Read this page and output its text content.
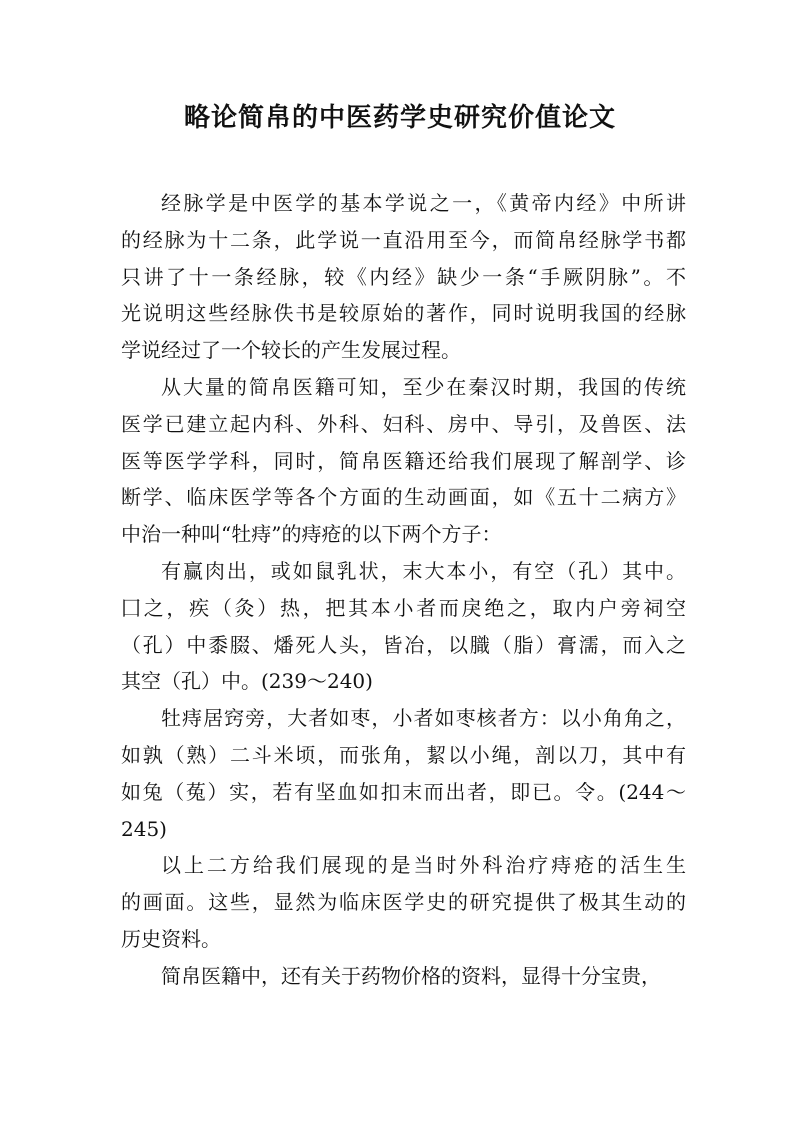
略论简帛的中医药学史研究价值论文
经脉学是中医学的基本学说之一，《黄帝内经》中所讲
的经脉为十二条，此学说一直沿用至今，而简帛经脉学书都
只讲了十一条经脉，较《内经》缺少一条“手厥阴脉”。不
光说明这些经脉佚书是较原始的著作，同时说明我国的经脉
学说经过了一个较长的产生发展过程。
从大量的简帛医籍可知，至少在秦汉时期，我国的传统
医学已建立起内科、外科、妇科、房中、导引，及兽医、法
医等医学学科，同时，简帛医籍还给我们展现了解剖学、诊
断学、临床医学等各个方面的生动画面，如《五十二病方》
中治一种叫“牡痔”的痔疮的以下两个方子：
有赢肉出，或如鼠乳状，末大本小，有空（孔）其中。
囗之，疾（灸）热，把其本小者而戾绝之，取内户旁祠空
（孔）中黍腏、燔死人头，皆冶，以膱（脂）膏濡，而入之
其空（孔）中。(239～240)
牡痔居窍旁，大者如枣，小者如枣核者方：以小角角之，
如孰（熟）二斗米顷，而张角，絜以小绳，剖以刀，其中有
如兔（菟）实，若有坚血如扣末而出者，即已。令。(244～
245)
以上二方给我们展现的是当时外科治疗痔疮的活生生
的画面。这些，显然为临床医学史的研究提供了极其生动的
历史资料。
简帛医籍中，还有关于药物价格的资料，显得十分宝贵，
